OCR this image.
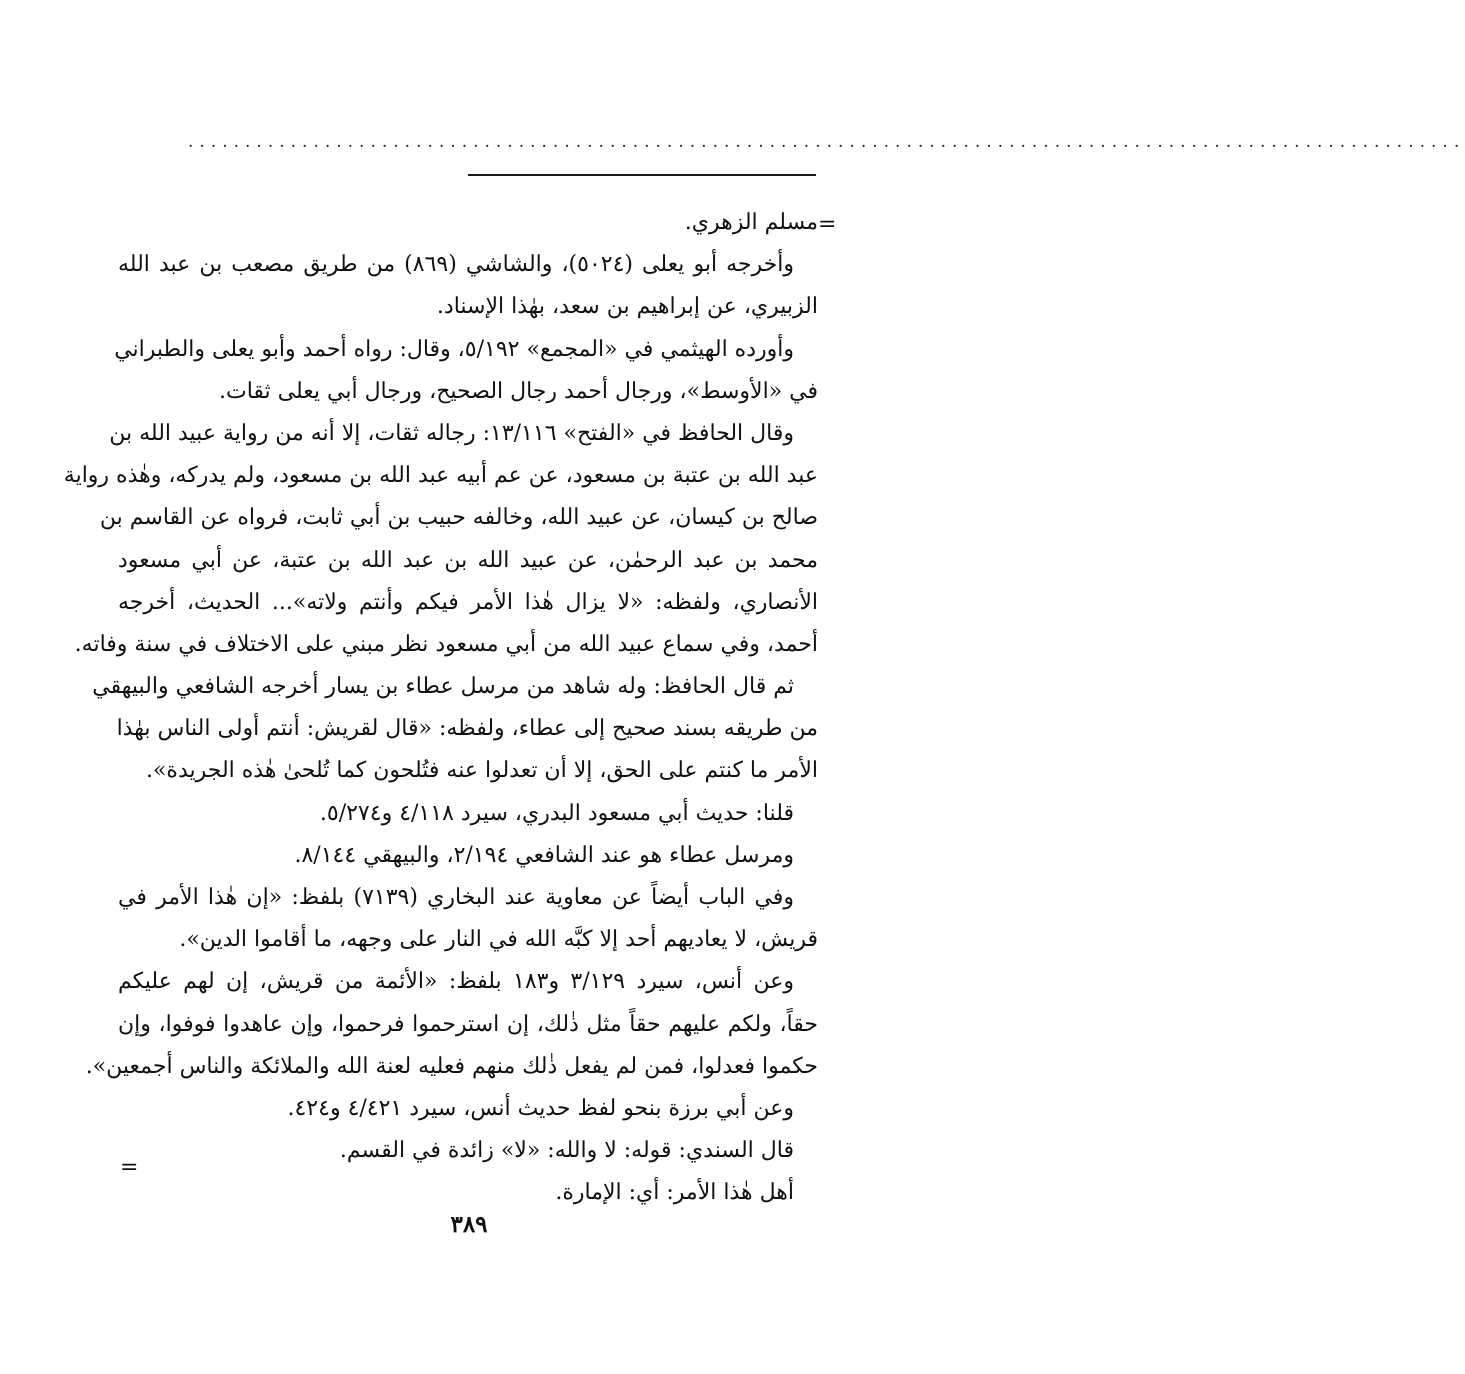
................................................................................................................
=
مسلم الزهري.
وأخرجه أبو يعلى (٥٠٢٤)، والشاشي (٨٦٩) من طريق مصعب بن عبد الله
الزبيري، عن إبراهيم بن سعد، بهٰذا الإسناد.
وأورده الهيثمي في «المجمع» ٥/١٩٢، وقال: رواه أحمد وأبو يعلى والطبراني
في «الأوسط»، ورجال أحمد رجال الصحيح، ورجال أبي يعلى ثقات.
وقال الحافظ في «الفتح» ١٣/١١٦: رجاله ثقات، إلا أنه من رواية عبيد الله بن
عبد الله بن عتبة بن مسعود، عن عم أبيه عبد الله بن مسعود، ولم يدركه، وهٰذه رواية
صالح بن كيسان، عن عبيد الله، وخالفه حبيب بن أبي ثابت، فرواه عن القاسم بن
محمد بن عبد الرحمٰن، عن عبيد الله بن عبد الله بن عتبة، عن أبي مسعود
الأنصاري، ولفظه: «لا يزال هٰذا الأمر فيكم وأنتم ولاته»... الحديث، أخرجه
أحمد، وفي سماع عبيد الله من أبي مسعود نظر مبني على الاختلاف في سنة وفاته.
ثم قال الحافظ: وله شاهد من مرسل عطاء بن يسار أخرجه الشافعي والبيهقي
من طريقه بسند صحيح إلى عطاء، ولفظه: «قال لقريش: أنتم أولى الناس بهٰذا
الأمر ما كنتم على الحق، إلا أن تعدلوا عنه فتُلحون كما تُلحىٰ هٰذه الجريدة».
قلنا: حديث أبي مسعود البدري، سيرد ٤/١١٨ و٥/٢٧٤.
ومرسل عطاء هو عند الشافعي ٢/١٩٤، والبيهقي ٨/١٤٤.
وفي الباب أيضاً عن معاوية عند البخاري (٧١٣٩) بلفظ: «إن هٰذا الأمر في
قريش، لا يعاديهم أحد إلا كبَّه الله في النار على وجهه، ما أقاموا الدين».
وعن أنس، سيرد ٣/١٢٩ و١٨٣ بلفظ: «الأئمة من قريش، إن لهم عليكم
حقاً، ولكم عليهم حقاً مثل ذٰلك، إن استرحموا فرحموا، وإن عاهدوا فوفوا، وإن
حكموا فعدلوا، فمن لم يفعل ذٰلك منهم فعليه لعنة الله والملائكة والناس أجمعين».
وعن أبي برزة بنحو لفظ حديث أنس، سيرد ٤/٤٢١ و٤٢٤.
قال السندي: قوله: لا والله: «لا» زائدة في القسم.
أهل هٰذا الأمر: أي: الإمارة.
=
٣٨٩
